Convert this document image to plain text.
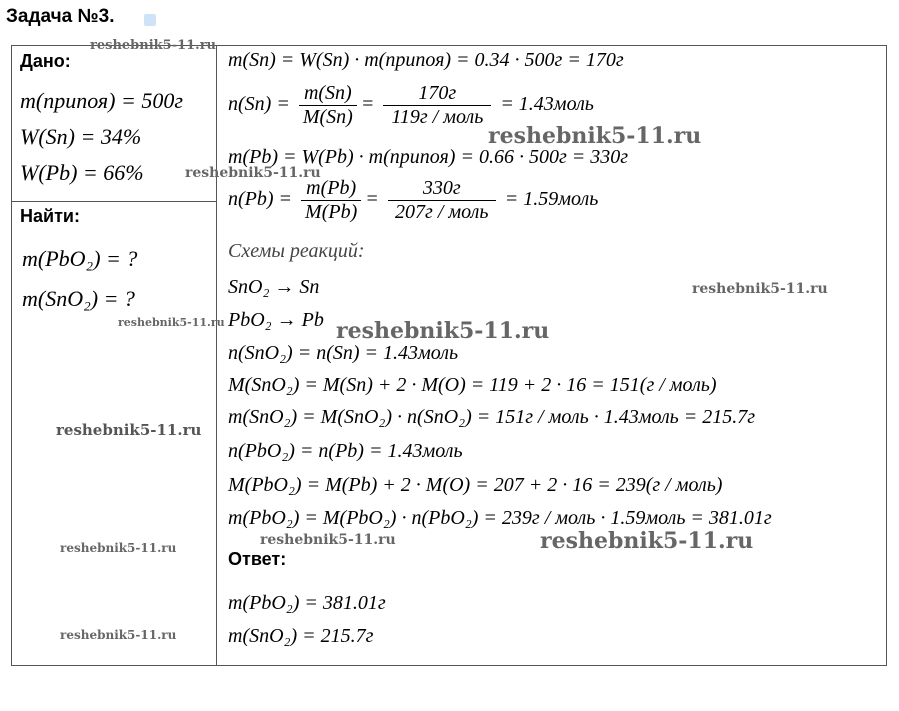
Задача №3.
Дано:
m(припоя) = 500г
W(Sn) = 34%
W(Pb) = 66%
Найти:
m(PbO₂) = ?
m(SnO₂) = ?
m(Sn) = W(Sn) · m(припоя) = 0.34 · 500г = 170г
$n(Sn) = \frac{m(Sn)}{M(Sn)} = \frac{170г}{\text{119г / моль}}$ = 1.43моль
m(Pb) = W(Pb) · m(припоя) = 0.66 · 500г = 330г
$n(Pb) = \frac{m(Pb)}{M(Pb)} = \frac{330г}{\text{207г / моль}}$ = 1.59моль
Схемы реакций:
SnO₂ → Sn
PbO₂ → Pb
n(SnO₂) = n(Sn) = 1.43моль
M(SnO₂) = M(Sn) + 2 · M(O) = 119 + 2 · 16 = 151(г / моль)
m(SnO₂) = M(SnO₂) · n(SnO₂) = 151г / моль · 1.43моль = 215.7г
n(PbO₂) = n(Pb) = 1.43моль
M(PbO₂) = M(Pb) + 2 · M(O) = 207 + 2 · 16 = 239(г / моль)
m(PbO₂) = M(PbO₂) · n(PbO₂) = 239г / моль · 1.59моль = 381.01г
Ответ:
m(PbO₂) = 381.01г
m(SnO₂) = 215.7г
reshebnik5-11.ru
reshebnik5-11.ru
reshebnik5-11.ru
reshebnik5-11.ru
reshebnik5-11.ru	reshebnik5-11.ru
reshebnik5-11.ru
reshebnik5-11.ru	reshebnik5-11.ru
reshebnik5-11.ru
reshebnik5-11.ru
